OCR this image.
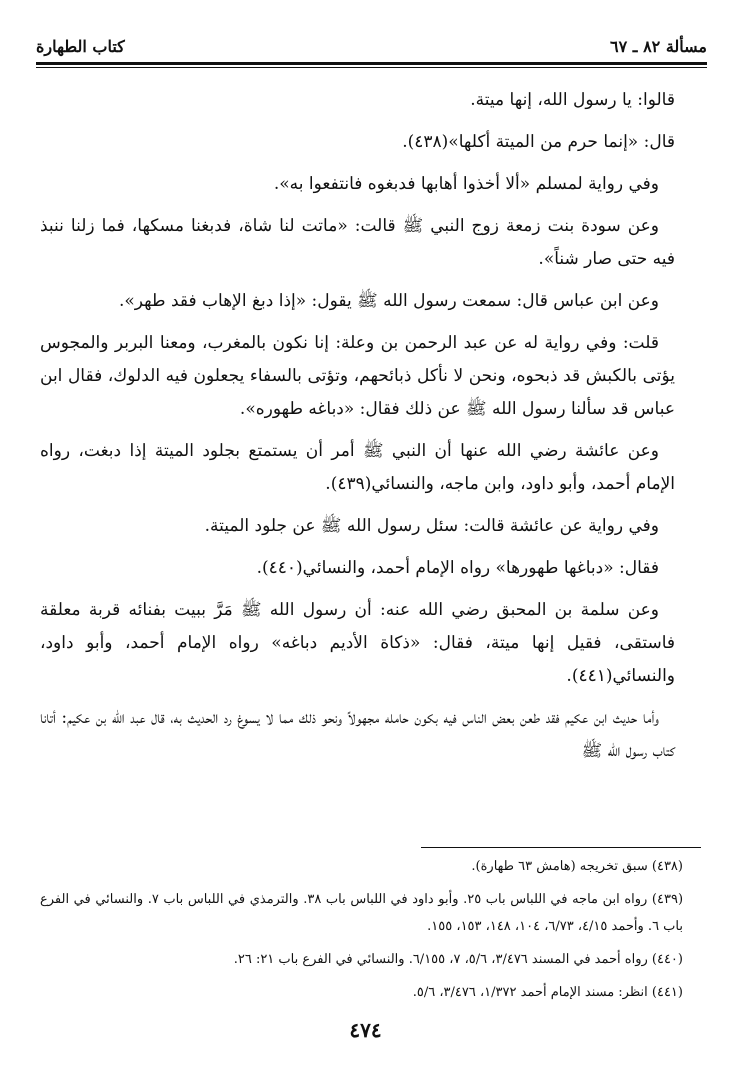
مسألة ٨٢ ـ ٦٧
كتاب الطهارة

قالوا: يا رسول الله، إنها ميتة.

قال: «إنما حرم من الميتة أكلها»(٤٣٨).

وفي رواية لمسلم «ألا أخذوا أهابها فدبغوه فانتفعوا به».

وعن سودة بنت زمعة زوج النبي ﷺ قالت: «ماتت لنا شاة، فدبغنا مسكها، فما زلنا ننبذ فيه حتى صار شناً».

وعن ابن عباس قال: سمعت رسول الله ﷺ يقول: «إذا دبغ الإهاب فقد طهر».

قلت: وفي رواية له عن عبد الرحمن بن وعلة: إنا نكون بالمغرب، ومعنا البربر والمجوس يؤتى بالكبش قد ذبحوه، ونحن لا نأكل ذبائحهم، وتؤتى بالسفاء يجعلون فيه الدلوك، فقال ابن عباس قد سألنا رسول الله ﷺ عن ذلك فقال: «دباغه طهوره».

وعن عائشة رضي الله عنها أن النبي ﷺ أمر أن يستمتع بجلود الميتة إذا دبغت، رواه الإمام أحمد، وأبو داود، وابن ماجه، والنسائي(٤٣٩).

وفي رواية عن عائشة قالت: سئل رسول الله ﷺ عن جلود الميتة.

فقال: «دباغها طهورها» رواه الإمام أحمد، والنسائي(٤٤٠).

وعن سلمة بن المحبق رضي الله عنه: أن رسول الله ﷺ مَرَّ ببيت بفنائه قربة معلقة فاستقى، فقيل إنها ميتة، فقال: «ذكاة الأديم دباغه» رواه الإمام أحمد، وأبو داود، والنسائي(٤٤١).

وأما حديث ابن عكيم فقد طعن بعض الناس فيه بكون حامله مجهولاً ونحو ذلك مما لا يسوغ رد الحديث به، قال عبد الله بن عكيم: أتانا كتاب رسول الله ﷺ

(٤٣٨) سبق تخريجه (هامش ٦٣ طهارة).

(٤٣٩) رواه ابن ماجه في اللباس باب ٢٥. وأبو داود في اللباس باب ٣٨. والترمذي في اللباس باب ٧. والنسائي في الفرع باب ٦. وأحمد ٤/١٥، ٦/٧٣، ١٠٤، ١٤٨، ١٥٣، ١٥٥.

(٤٤٠) رواه أحمد في المسند ٣/٤٧٦، ٥/٦، ٧، ٦/١٥٥. والنسائي في الفرع باب ٢١: ٢٦.

(٤٤١) انظر: مسند الإمام أحمد ١/٣٧٢، ٣/٤٧٦، ٥/٦.

٤٧٤
